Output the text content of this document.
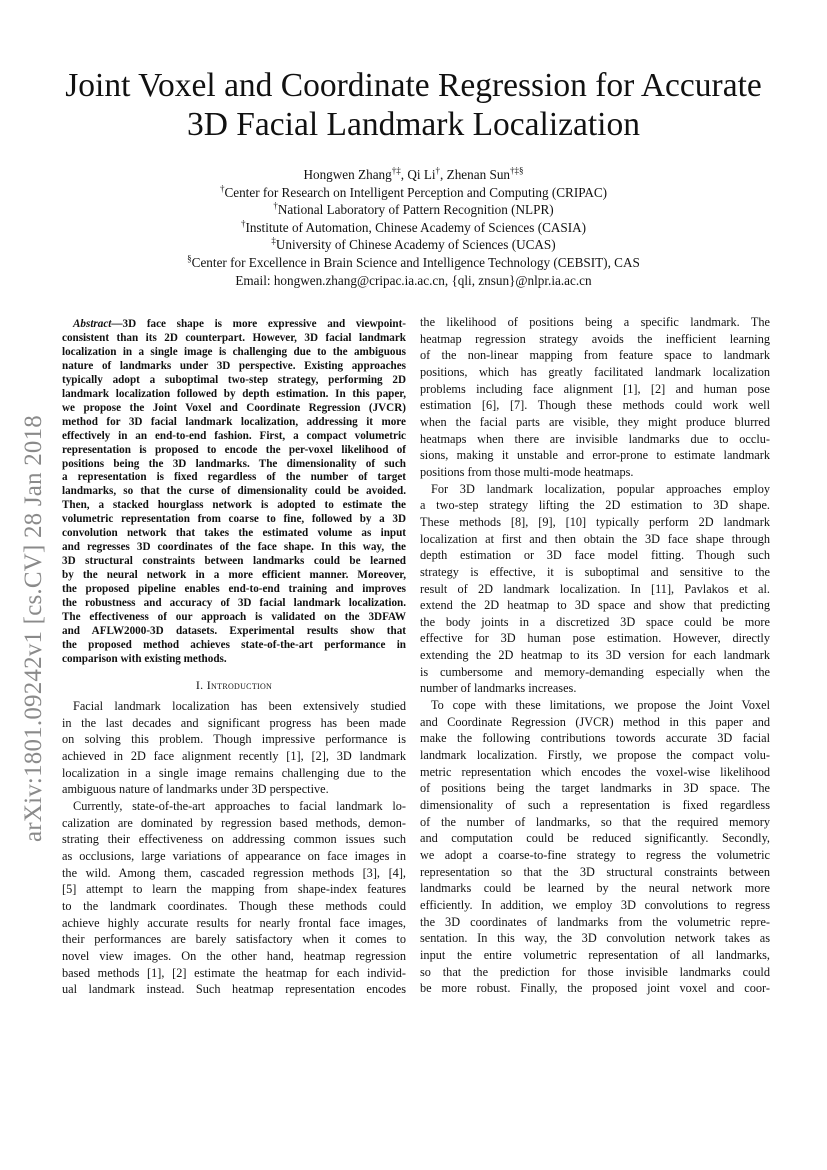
arXiv:1801.09242v1 [cs.CV] 28 Jan 2018
Joint Voxel and Coordinate Regression for Accurate
3D Facial Landmark Localization
Hongwen Zhang†‡, Qi Li†, Zhenan Sun†‡§
†Center for Research on Intelligent Perception and Computing (CRIPAC)
†National Laboratory of Pattern Recognition (NLPR)
†Institute of Automation, Chinese Academy of Sciences (CASIA)
‡University of Chinese Academy of Sciences (UCAS)
§Center for Excellence in Brain Science and Intelligence Technology (CEBSIT), CAS
Email: hongwen.zhang@cripac.ia.ac.cn, {qli, znsun}@nlpr.ia.ac.cn
Abstract—3D face shape is more expressive and viewpoint-
consistent than its 2D counterpart. However, 3D facial landmark
localization in a single image is challenging due to the ambiguous
nature of landmarks under 3D perspective. Existing approaches
typically adopt a suboptimal two-step strategy, performing 2D
landmark localization followed by depth estimation. In this paper,
we propose the Joint Voxel and Coordinate Regression (JVCR)
method for 3D facial landmark localization, addressing it more
effectively in an end-to-end fashion. First, a compact volumetric
representation is proposed to encode the per-voxel likelihood of
positions being the 3D landmarks. The dimensionality of such
a representation is fixed regardless of the number of target
landmarks, so that the curse of dimensionality could be avoided.
Then, a stacked hourglass network is adopted to estimate the
volumetric representation from coarse to fine, followed by a 3D
convolution network that takes the estimated volume as input
and regresses 3D coordinates of the face shape. In this way, the
3D structural constraints between landmarks could be learned
by the neural network in a more efficient manner. Moreover,
the proposed pipeline enables end-to-end training and improves
the robustness and accuracy of 3D facial landmark localization.
The effectiveness of our approach is validated on the 3DFAW
and AFLW2000-3D datasets. Experimental results show that
the proposed method achieves state-of-the-art performance in
comparison with existing methods.
I. Introduction
Facial landmark localization has been extensively studied
in the last decades and significant progress has been made
on solving this problem. Though impressive performance is
achieved in 2D face alignment recently [1], [2], 3D landmark
localization in a single image remains challenging due to the
ambiguous nature of landmarks under 3D perspective.
Currently, state-of-the-art approaches to facial landmark lo-
calization are dominated by regression based methods, demon-
strating their effectiveness on addressing common issues such
as occlusions, large variations of appearance on face images in
the wild. Among them, cascaded regression methods [3], [4],
[5] attempt to learn the mapping from shape-index features
to the landmark coordinates. Though these methods could
achieve highly accurate results for nearly frontal face images,
their performances are barely satisfactory when it comes to
novel view images. On the other hand, heatmap regression
based methods [1], [2] estimate the heatmap for each individ-
ual landmark instead. Such heatmap representation encodes
the likelihood of positions being a specific landmark. The
heatmap regression strategy avoids the inefficient learning
of the non-linear mapping from feature space to landmark
positions, which has greatly facilitated landmark localization
problems including face alignment [1], [2] and human pose
estimation [6], [7]. Though these methods could work well
when the facial parts are visible, they might produce blurred
heatmaps when there are invisible landmarks due to occlu-
sions, making it unstable and error-prone to estimate landmark
positions from those multi-mode heatmaps.
For 3D landmark localization, popular approaches employ
a two-step strategy lifting the 2D estimation to 3D shape.
These methods [8], [9], [10] typically perform 2D landmark
localization at first and then obtain the 3D face shape through
depth estimation or 3D face model fitting. Though such
strategy is effective, it is suboptimal and sensitive to the
result of 2D landmark localization. In [11], Pavlakos et al.
extend the 2D heatmap to 3D space and show that predicting
the body joints in a discretized 3D space could be more
effective for 3D human pose estimation. However, directly
extending the 2D heatmap to its 3D version for each landmark
is cumbersome and memory-demanding especially when the
number of landmarks increases.
To cope with these limitations, we propose the Joint Voxel
and Coordinate Regression (JVCR) method in this paper and
make the following contributions towords accurate 3D facial
landmark localization. Firstly, we propose the compact volu-
metric representation which encodes the voxel-wise likelihood
of positions being the target landmarks in 3D space. The
dimensionality of such a representation is fixed regardless
of the number of landmarks, so that the required memory
and computation could be reduced significantly. Secondly,
we adopt a coarse-to-fine strategy to regress the volumetric
representation so that the 3D structural constraints between
landmarks could be learned by the neural network more
efficiently. In addition, we employ 3D convolutions to regress
the 3D coordinates of landmarks from the volumetric repre-
sentation. In this way, the 3D convolution network takes as
input the entire volumetric representation of all landmarks,
so that the prediction for those invisible landmarks could
be more robust. Finally, the proposed joint voxel and coor-
